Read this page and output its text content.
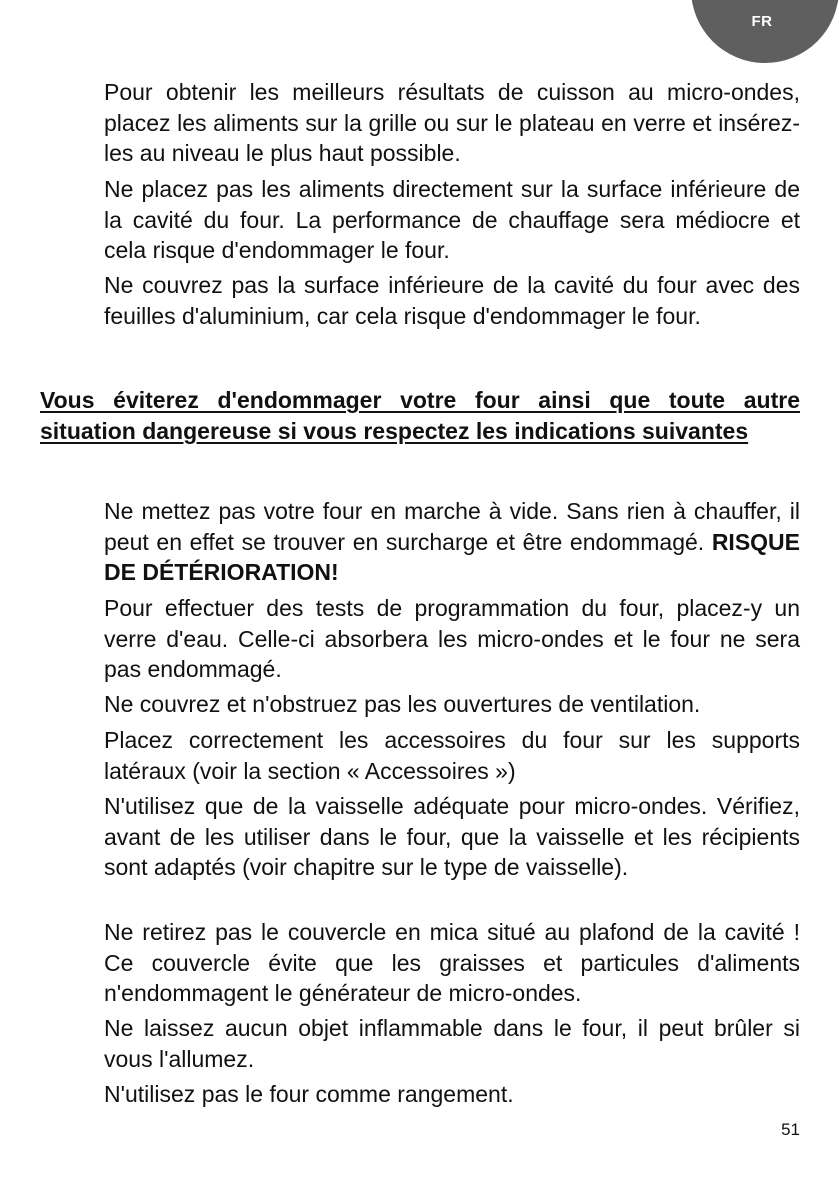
FR

Pour obtenir les meilleurs résultats de cuisson au micro-ondes, placez les aliments sur la grille ou sur le plateau en verre et insérez-les au niveau le plus haut possible.

Ne placez pas les aliments directement sur la surface inférieure de la cavité du four. La performance de chauffage sera médiocre et cela risque d'endommager le four.

Ne couvrez pas la surface inférieure de la cavité du four avec des feuilles d'aluminium, car cela risque d'endommager le four.

Vous éviterez d'endommager votre four ainsi que toute autre situation dangereuse si vous respectez les indications suivantes

Ne mettez pas votre four en marche à vide. Sans rien à chauffer, il peut en effet se trouver en surcharge et être endommagé. RISQUE DE DÉTÉRIORATION!

Pour effectuer des tests de programmation du four, placez-y un verre d'eau. Celle-ci absorbera les micro-ondes et le four ne sera pas endommagé.

Ne couvrez et n'obstruez pas les ouvertures de ventilation.

Placez correctement les accessoires du four sur les supports latéraux (voir la section « Accessoires »)

N'utilisez que de la vaisselle adéquate pour micro-ondes. Vérifiez, avant de les utiliser dans le four, que la vaisselle et les récipients sont adaptés (voir chapitre sur le type de vaisselle).

Ne retirez pas le couvercle en mica situé au plafond de la cavité ! Ce couvercle évite que les graisses et particules d'aliments n'endommagent le générateur de micro-ondes.

Ne laissez aucun objet inflammable dans le four, il peut brûler si vous l'allumez.

N'utilisez pas le four comme rangement.

51
